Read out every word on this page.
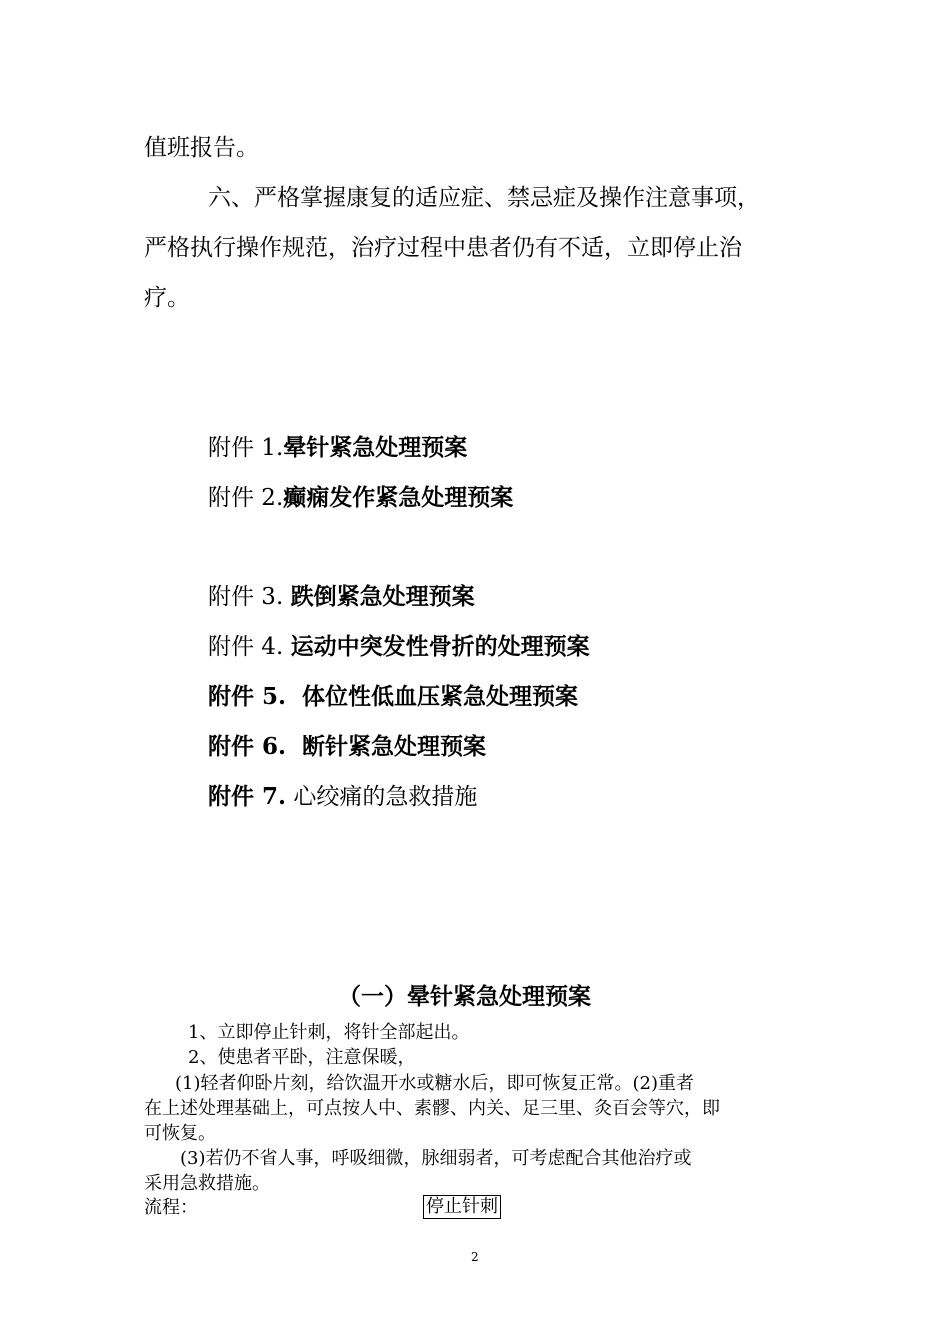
值班报告。
六、严格掌握康复的适应症、禁忌症及操作注意事项，
严格执行操作规范，治疗过程中患者仍有不适，立即停止治
疗。
附件 1.晕针紧急处理预案
附件 2.癫痫发作紧急处理预案
附件 3. 跌倒紧急处理预案
附件 4. 运动中突发性骨折的处理预案
附件 5. 体位性低血压紧急处理预案
附件 6. 断针紧急处理预案
附件 7. 心绞痛的急救措施
（一）晕针紧急处理预案
1、立即停止针刺，将针全部起出。
2、使患者平卧，注意保暖，
(1)轻者仰卧片刻，给饮温开水或糖水后，即可恢复正常。(2)重者
在上述处理基础上，可点按人中、素髎、内关、足三里、灸百会等穴，即
可恢复。
(3)若仍不省人事，呼吸细微，脉细弱者，可考虑配合其他治疗或
采用急救措施。
流程：	停止针刺
2
